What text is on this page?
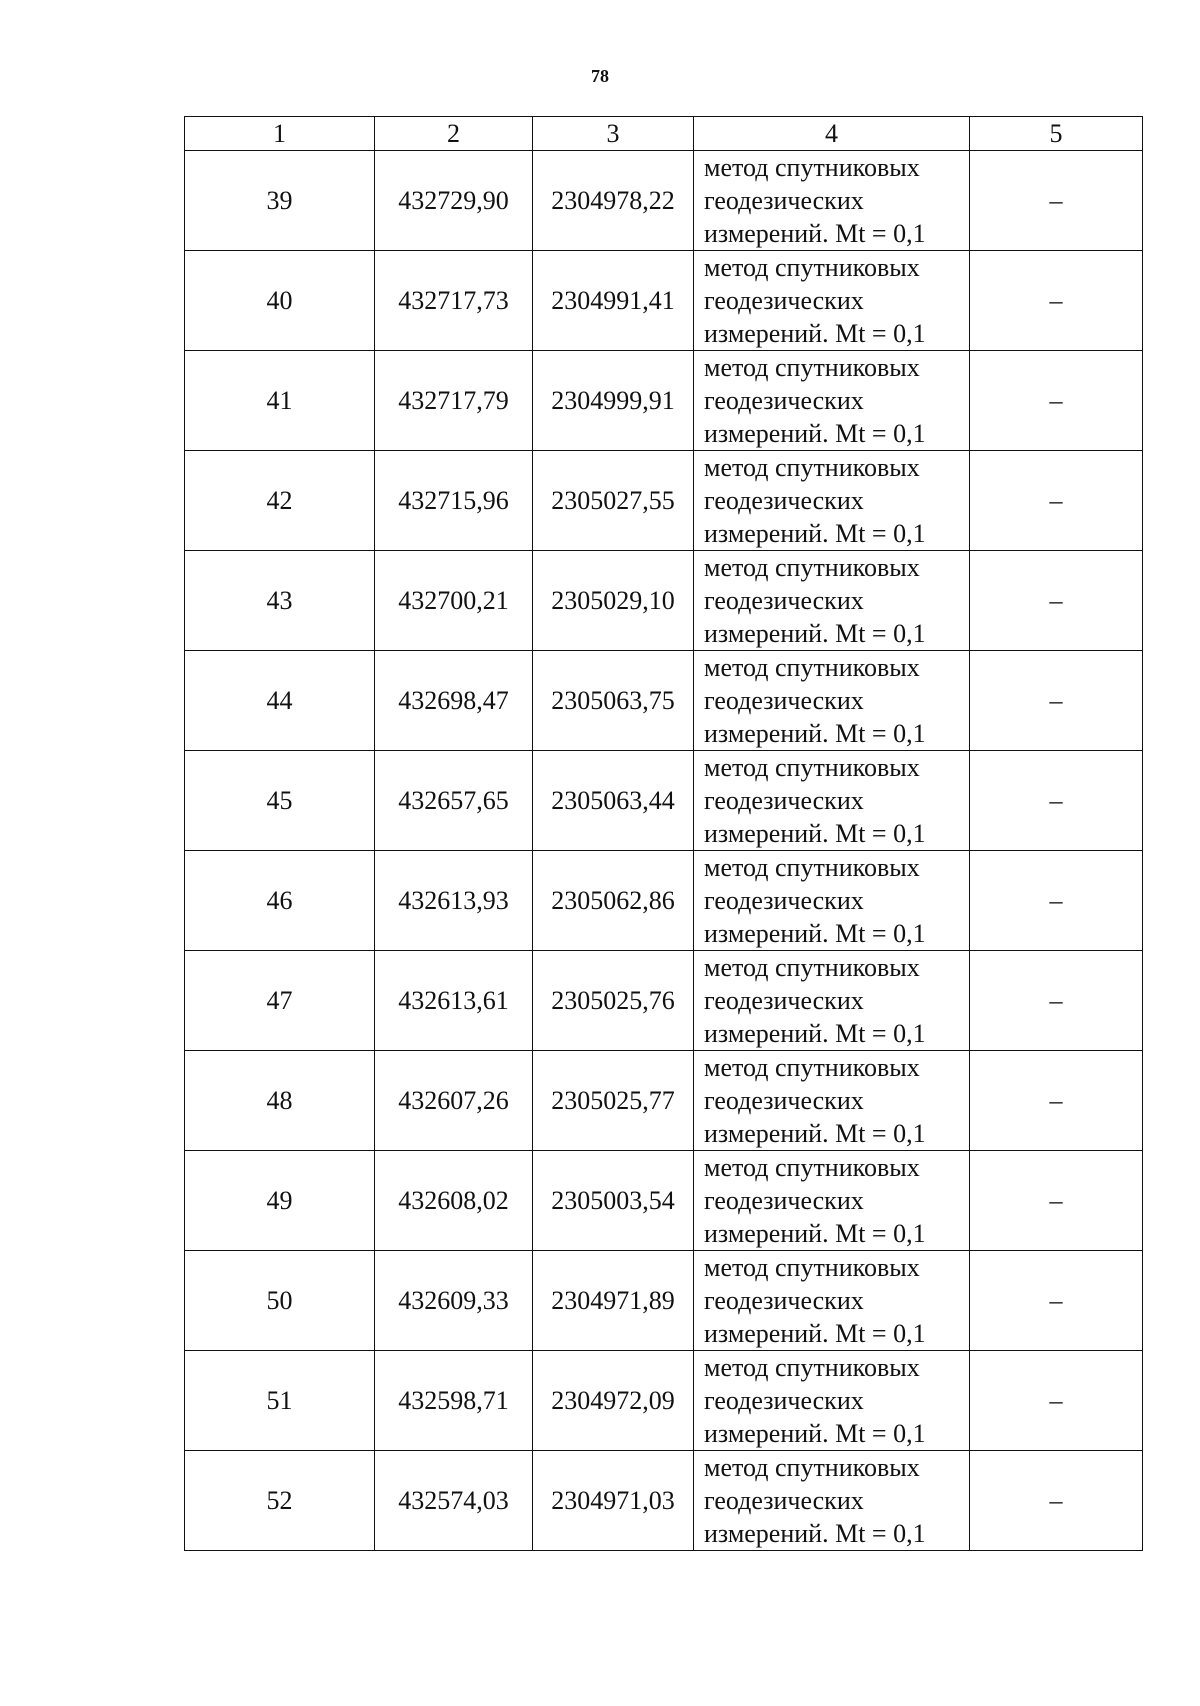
78
1	2	3	4	5
39	432729,90	2304978,22	метод спутниковых
геодезических
измерений. Mt = 0,1	–
40	432717,73	2304991,41	метод спутниковых
геодезических
измерений. Mt = 0,1	–
41	432717,79	2304999,91	метод спутниковых
геодезических
измерений. Mt = 0,1	–
42	432715,96	2305027,55	метод спутниковых
геодезических
измерений. Mt = 0,1	–
43	432700,21	2305029,10	метод спутниковых
геодезических
измерений. Mt = 0,1	–
44	432698,47	2305063,75	метод спутниковых
геодезических
измерений. Mt = 0,1	–
45	432657,65	2305063,44	метод спутниковых
геодезических
измерений. Mt = 0,1	–
46	432613,93	2305062,86	метод спутниковых
геодезических
измерений. Mt = 0,1	–
47	432613,61	2305025,76	метод спутниковых
геодезических
измерений. Mt = 0,1	–
48	432607,26	2305025,77	метод спутниковых
геодезических
измерений. Mt = 0,1	–
49	432608,02	2305003,54	метод спутниковых
геодезических
измерений. Mt = 0,1	–
50	432609,33	2304971,89	метод спутниковых
геодезических
измерений. Mt = 0,1	–
51	432598,71	2304972,09	метод спутниковых
геодезических
измерений. Mt = 0,1	–
52	432574,03	2304971,03	метод спутниковых
геодезических
измерений. Mt = 0,1	–
